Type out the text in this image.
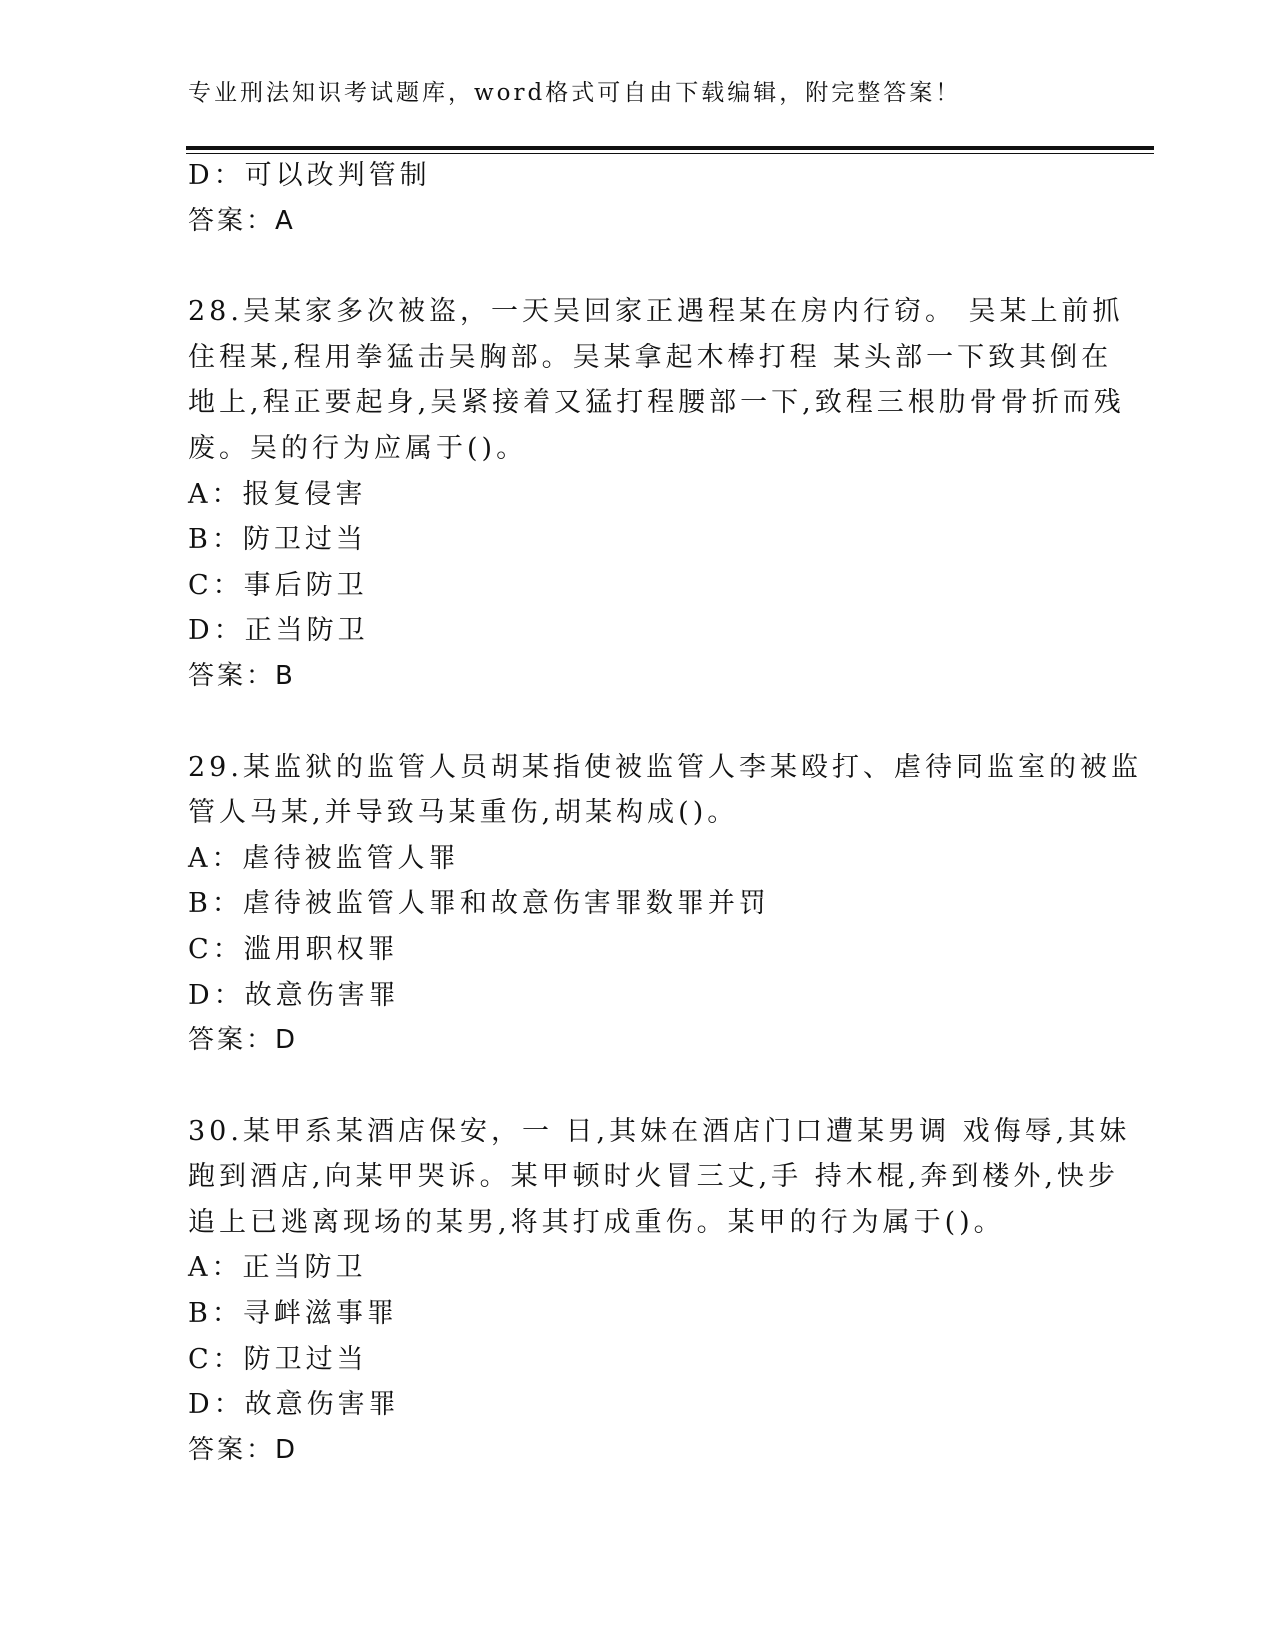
专业刑法知识考试题库，word格式可自由下载编辑，附完整答案！
D：可以改判管制
答案：A
28.吴某家多次被盗，一天吴回家正遇程某在房内行窃。 吴某上前抓
住程某,程用拳猛击吴胸部。吴某拿起木棒打程 某头部一下致其倒在
地上,程正要起身,吴紧接着又猛打程腰部一下,致程三根肋骨骨折而残
废。吴的行为应属于()。
A：报复侵害
B：防卫过当
C：事后防卫
D：正当防卫
答案：B
29.某监狱的监管人员胡某指使被监管人李某殴打、虐待同监室的被监
管人马某,并导致马某重伤,胡某构成()。
A：虐待被监管人罪
B：虐待被监管人罪和故意伤害罪数罪并罚
C：滥用职权罪
D：故意伤害罪
答案：D
30.某甲系某酒店保安，一 日,其妹在酒店门口遭某男调 戏侮辱,其妹
跑到酒店,向某甲哭诉。某甲顿时火冒三丈,手 持木棍,奔到楼外,快步
追上已逃离现场的某男,将其打成重伤。某甲的行为属于()。
A：正当防卫
B：寻衅滋事罪
C：防卫过当
D：故意伤害罪
答案：D
